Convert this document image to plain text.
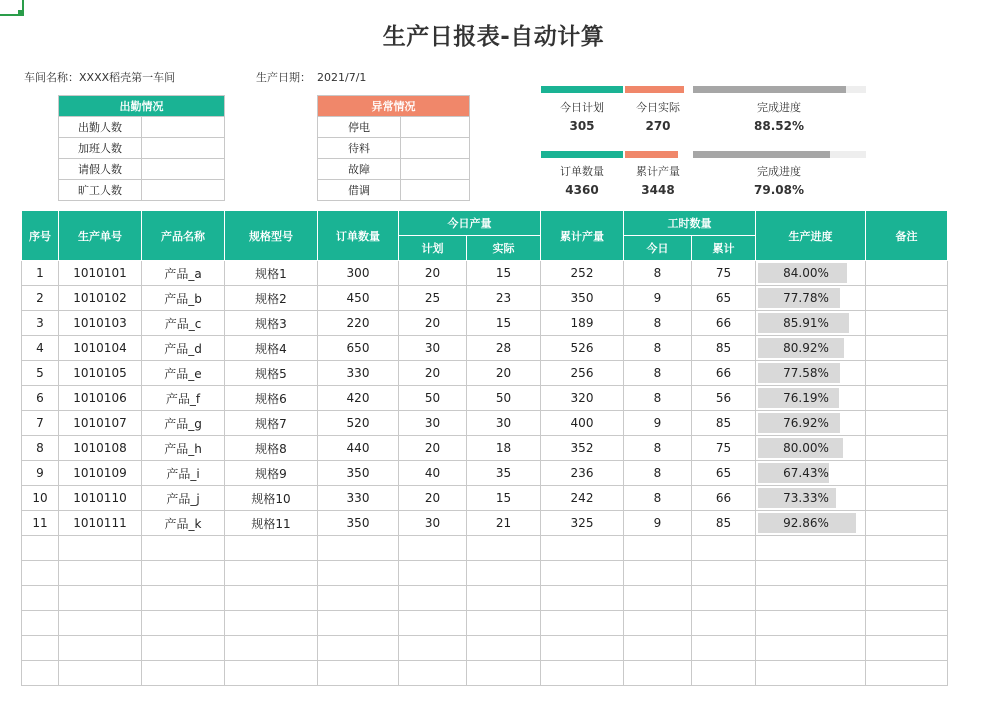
生产日报表-自动计算
车间名称：XXXX稻壳第一车间	生产日期： 2021/7/1
出勤情况	
出勤人数	
加班人数	
请假人数	
旷工人数	
异常情况	
停电	
待料	
故障	
借调	
今日计划	今日实际	完成进度
305	270	88.52%
订单数量	累计产量	完成进度
4360	3448	79.08%
序号	生产单号	产品名称	规格型号	订单数量	今日产量		累计产量	工时数量		生产进度	备注
					计划	实际		今日	累计		
1	1010101	产品_a	规格1	300	20	15	252	8	75	84.00%	

2	1010102	产品_b	规格2	450	25	23	350	9	65	77.78%	

3	1010103	产品_c	规格3	220	20	15	189	8	66	85.91%	

4	1010104	产品_d	规格4	650	30	28	526	8	85	80.92%	

5	1010105	产品_e	规格5	330	20	20	256	8	66	77.58%	

6	1010106	产品_f	规格6	420	50	50	320	8	56	76.19%	

7	1010107	产品_g	规格7	520	30	30	400	9	85	76.92%	

8	1010108	产品_h	规格8	440	20	18	352	8	75	80.00%	

9	1010109	产品_i	规格9	350	40	35	236	8	65	67.43%	

10	1010110	产品_j	规格10	330	20	15	242	8	66	73.33%	

11	1010111	产品_k	规格11	350	30	21	325	9	85	92.86%	
